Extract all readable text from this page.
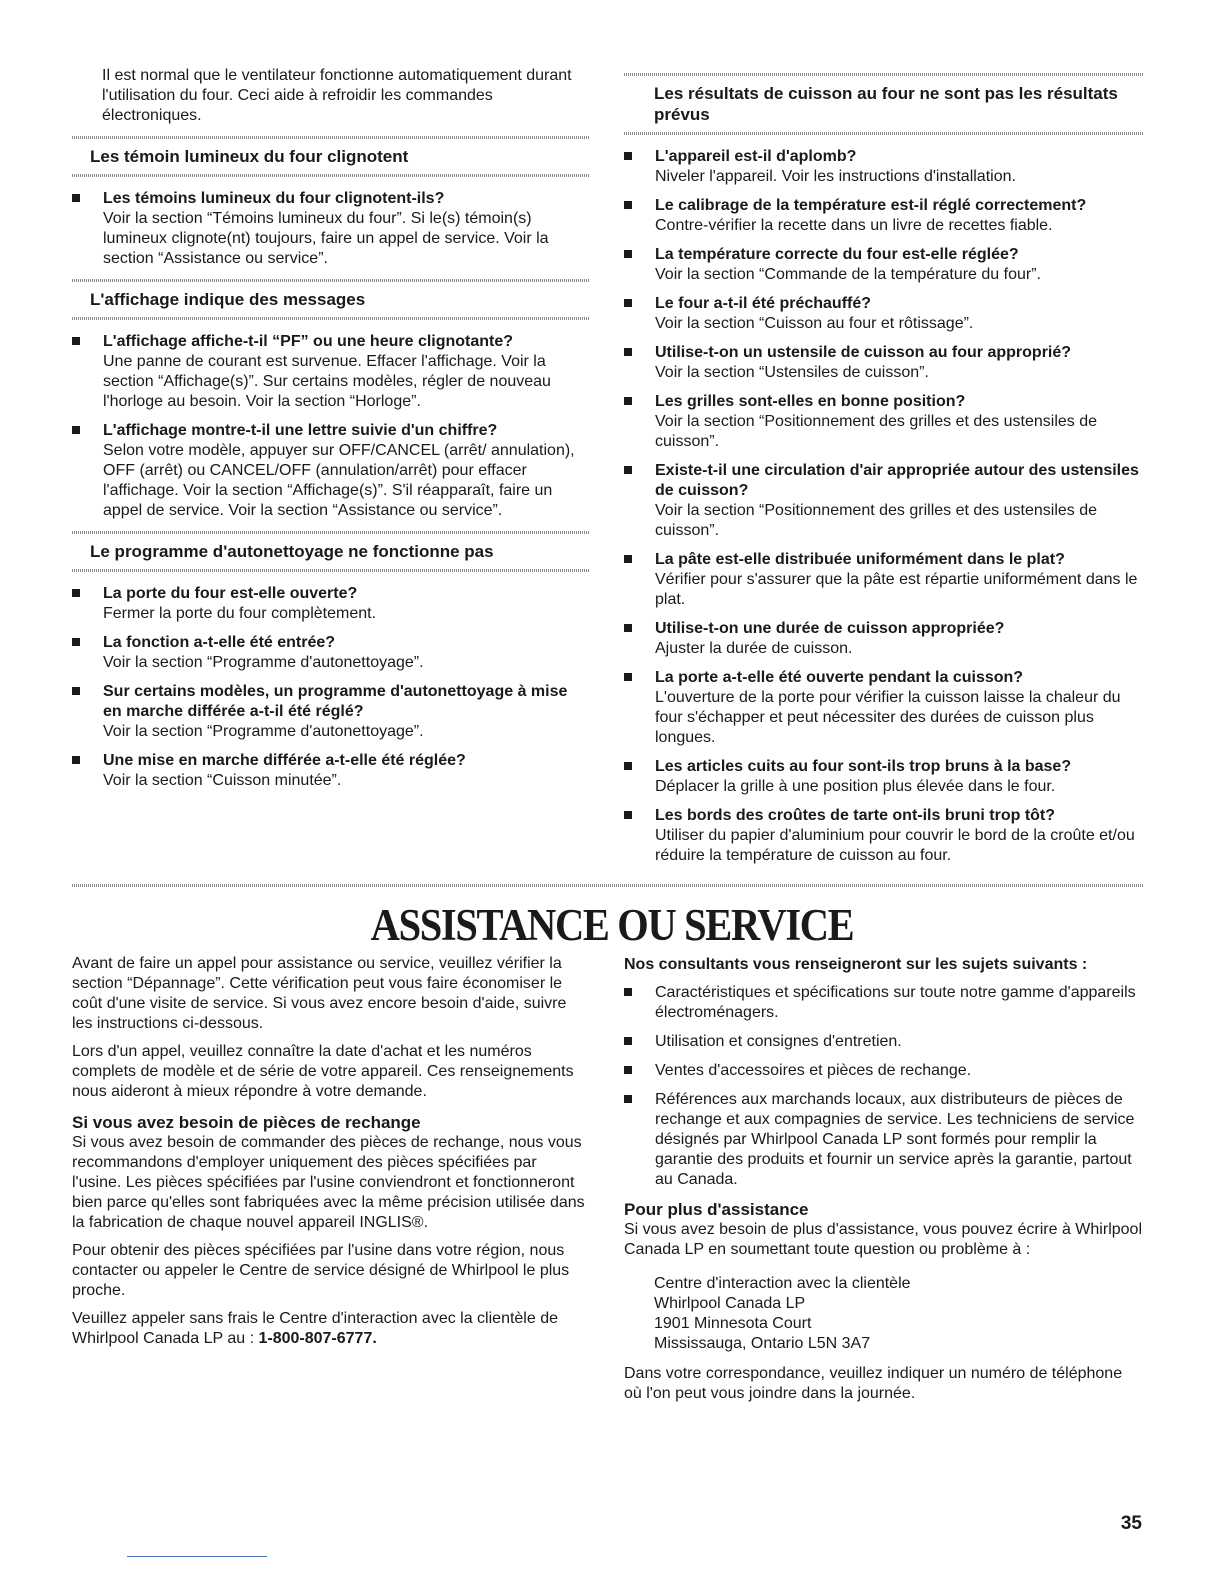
Il est normal que le ventilateur fonctionne automatiquement durant l'utilisation du four. Ceci aide à refroidir les commandes électroniques.

Les témoin lumineux du four clignotent
Les témoins lumineux du four clignotent-ils?
Voir la section “Témoins lumineux du four”. Si le(s) témoin(s) lumineux clignote(nt) toujours, faire un appel de service. Voir la section “Assistance ou service”.
L'affichage indique des messages
L'affichage affiche-t-il “PF” ou une heure clignotante?
Une panne de courant est survenue. Effacer l'affichage. Voir la section “Affichage(s)”. Sur certains modèles, régler de nouveau l'horloge au besoin. Voir la section “Horloge”.
L'affichage montre-t-il une lettre suivie d'un chiffre?
Selon votre modèle, appuyer sur OFF/CANCEL (arrêt/ annulation), OFF (arrêt) ou CANCEL/OFF (annulation/arrêt) pour effacer l'affichage. Voir la section “Affichage(s)”. S'il réapparaît, faire un appel de service. Voir la section “Assistance ou service”.
Le programme d'autonettoyage ne fonctionne pas
La porte du four est-elle ouverte?
Fermer la porte du four complètement.
La fonction a-t-elle été entrée?
Voir la section “Programme d'autonettoyage”.
Sur certains modèles, un programme d'autonettoyage à mise en marche différée a-t-il été réglé?
Voir la section “Programme d'autonettoyage”.
Une mise en marche différée a-t-elle été réglée?
Voir la section “Cuisson minutée”.
Les résultats de cuisson au four ne sont pas les résultats prévus
L'appareil est-il d'aplomb?
Niveler l'appareil. Voir les instructions d'installation.
Le calibrage de la température est-il réglé correctement?
Contre-vérifier la recette dans un livre de recettes fiable.
La température correcte du four est-elle réglée?
Voir la section “Commande de la température du four”.
Le four a-t-il été préchauffé?
Voir la section “Cuisson au four et rôtissage”.
Utilise-t-on un ustensile de cuisson au four approprié?
Voir la section “Ustensiles de cuisson”.
Les grilles sont-elles en bonne position?
Voir la section “Positionnement des grilles et des ustensiles de cuisson”.
Existe-t-il une circulation d'air appropriée autour des ustensiles de cuisson?
Voir la section “Positionnement des grilles et des ustensiles de cuisson”.
La pâte est-elle distribuée uniformément dans le plat?
Vérifier pour s'assurer que la pâte est répartie uniformément dans le plat.
Utilise-t-on une durée de cuisson appropriée?
Ajuster la durée de cuisson.
La porte a-t-elle été ouverte pendant la cuisson?
L'ouverture de la porte pour vérifier la cuisson laisse la chaleur du four s'échapper et peut nécessiter des durées de cuisson plus longues.
Les articles cuits au four sont-ils trop bruns à la base?
Déplacer la grille à une position plus élevée dans le four.
Les bords des croûtes de tarte ont-ils bruni trop tôt?
Utiliser du papier d'aluminium pour couvrir le bord de la croûte et/ou réduire la température de cuisson au four.
ASSISTANCE OU SERVICE

Avant de faire un appel pour assistance ou service, veuillez vérifier la section “Dépannage”. Cette vérification peut vous faire économiser le coût d'une visite de service. Si vous avez encore besoin d'aide, suivre les instructions ci-dessous.

Lors d'un appel, veuillez connaître la date d'achat et les numéros complets de modèle et de série de votre appareil. Ces renseignements nous aideront à mieux répondre à votre demande.

Si vous avez besoin de pièces de rechange

Si vous avez besoin de commander des pièces de rechange, nous vous recommandons d'employer uniquement des pièces spécifiées par l'usine. Les pièces spécifiées par l'usine conviendront et fonctionneront bien parce qu'elles sont fabriquées avec la même précision utilisée dans la fabrication de chaque nouvel appareil INGLIS®.

Pour obtenir des pièces spécifiées par l'usine dans votre région, nous contacter ou appeler le Centre de service désigné de Whirlpool le plus proche.

Veuillez appeler sans frais le Centre d'interaction avec la clientèle de Whirlpool Canada LP au : 1-800-807-6777.

Nos consultants vous renseigneront sur les sujets suivants :
Caractéristiques et spécifications sur toute notre gamme d'appareils électroménagers.
Utilisation et consignes d'entretien.
Ventes d'accessoires et pièces de rechange.
Références aux marchands locaux, aux distributeurs de pièces de rechange et aux compagnies de service. Les techniciens de service désignés par Whirlpool Canada LP sont formés pour remplir la garantie des produits et fournir un service après la garantie, partout au Canada.
Pour plus d'assistance

Si vous avez besoin de plus d'assistance, vous pouvez écrire à Whirlpool Canada LP en soumettant toute question ou problème à :

Centre d'interaction avec la clientèle
Whirlpool Canada LP
1901 Minnesota Court
Mississauga, Ontario L5N 3A7

Dans votre correspondance, veuillez indiquer un numéro de téléphone où l'on peut vous joindre dans la journée.

35
